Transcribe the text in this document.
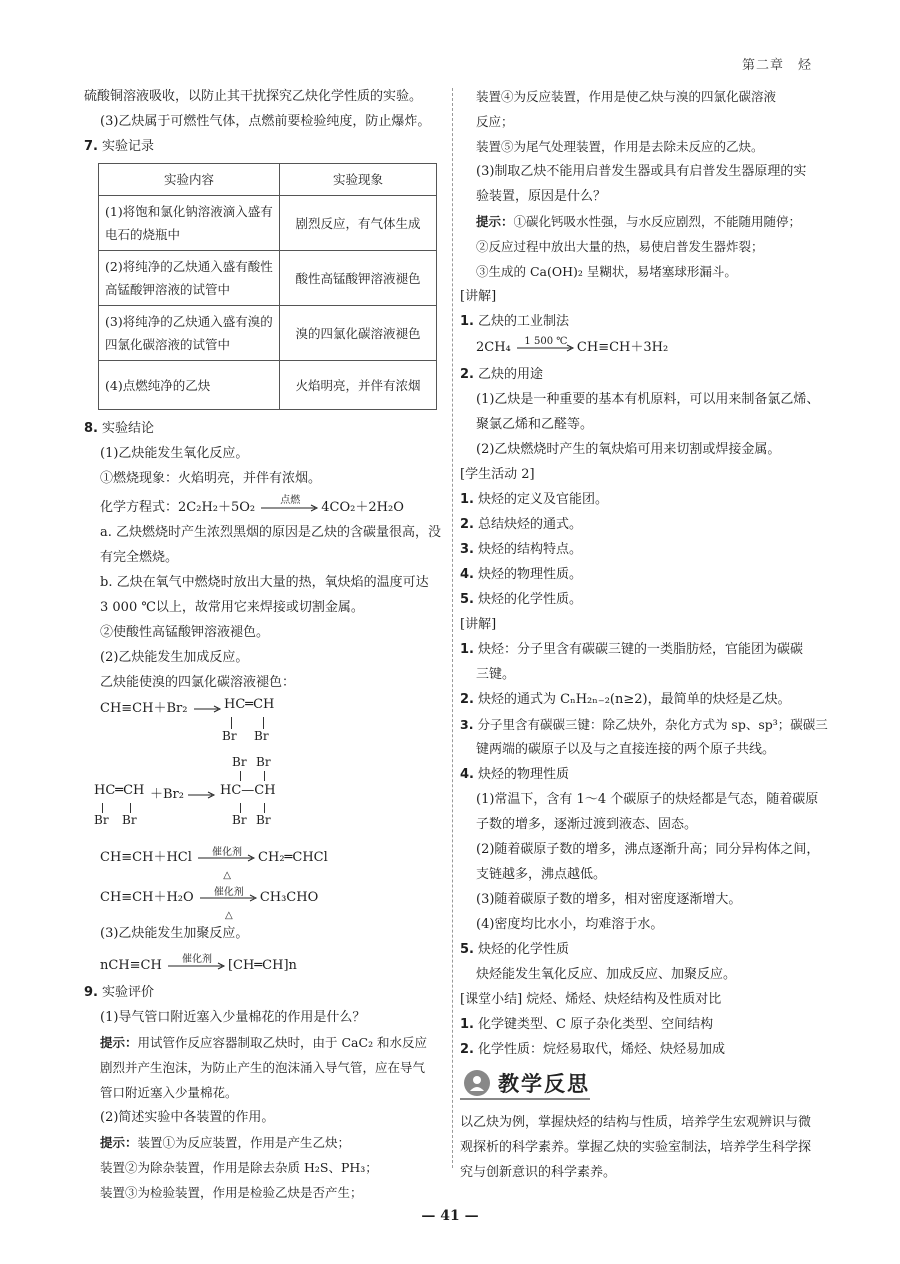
第二章　烃

硫酸铜溶液吸收，以防止其干扰探究乙炔化学性质的实验。

(3)乙炔属于可燃性气体，点燃前要检验纯度，防止爆炸。

7. 实验记录

实验内容	实验现象
(1)将饱和氯化钠溶液滴入盛有电石的烧瓶中	剧烈反应，有气体生成
(2)将纯净的乙炔通入盛有酸性高锰酸钾溶液的试管中	酸性高锰酸钾溶液褪色
(3)将纯净的乙炔通入盛有溴的四氯化碳溶液的试管中	溴的四氯化碳溶液褪色
(4)点燃纯净的乙炔	火焰明亮，并伴有浓烟

8. 实验结论

(1)乙炔能发生氧化反应。

①燃烧现象：火焰明亮，并伴有浓烟。

化学方程式：2C₂H₂＋5O₂	点燃	4CO₂＋2H₂O

a. 乙炔燃烧时产生浓烈黑烟的原因是乙炔的含碳量很高，没

有完全燃烧。

b. 乙炔在氧气中燃烧时放出大量的热，氧炔焰的温度可达

3 000 ℃以上，故常用它来焊接或切割金属。

②使酸性高锰酸钾溶液褪色。

(2)乙炔能发生加成反应。

乙炔能使溴的四氯化碳溶液褪色：

CH≡CH＋Br₂	HC═CH
Br Br
Br Br
HC═CH ＋Br₂	HC—CH
Br Br	Br Br

CH≡CH＋HCl	催化剂
△
CH₂═CHCl

CH≡CH＋H₂O	催化剂
△
CH₃CHO

(3)乙炔能发生加聚反应。

nCH≡CH	催化剂	[CH═CH]n

9. 实验评价

(1)导气管口附近塞入少量棉花的作用是什么？

提示：用试管作反应容器制取乙炔时，由于 CaC₂ 和水反应

剧烈并产生泡沫，为防止产生的泡沫涌入导气管，应在导气

管口附近塞入少量棉花。

(2)简述实验中各装置的作用。

提示：装置①为反应装置，作用是产生乙炔；

装置②为除杂装置，作用是除去杂质 H₂S、PH₃；

装置③为检验装置，作用是检验乙炔是否产生；

装置④为反应装置，作用是使乙炔与溴的四氯化碳溶液

反应；

装置⑤为尾气处理装置，作用是去除未反应的乙炔。

(3)制取乙炔不能用启普发生器或具有启普发生器原理的实

验装置，原因是什么？

提示：①碳化钙吸水性强，与水反应剧烈，不能随用随停；

②反应过程中放出大量的热，易使启普发生器炸裂；

③生成的 Ca(OH)₂ 呈糊状，易堵塞球形漏斗。

[讲解]

1. 乙炔的工业制法

2CH₄	1 500 ℃ CH≡CH＋3H₂

2. 乙炔的用途

(1)乙炔是一种重要的基本有机原料，可以用来制备氯乙烯、

聚氯乙烯和乙醛等。

(2)乙炔燃烧时产生的氧炔焰可用来切割或焊接金属。

[学生活动 2]

1. 炔烃的定义及官能团。

2. 总结炔烃的通式。

3. 炔烃的结构特点。

4. 炔烃的物理性质。

5. 炔烃的化学性质。

[讲解]

1. 炔烃：分子里含有碳碳三键的一类脂肪烃，官能团为碳碳

三键。

2. 炔烃的通式为 CₙH₂ₙ₋₂(n≥2)，最简单的炔烃是乙炔。

3. 分子里含有碳碳三键：除乙炔外，杂化方式为 sp、sp³；碳碳三

键两端的碳原子以及与之直接连接的两个原子共线。

4. 炔烃的物理性质

(1)常温下，含有 1～4 个碳原子的炔烃都是气态，随着碳原

子数的增多，逐渐过渡到液态、固态。

(2)随着碳原子数的增多，沸点逐渐升高；同分异构体之间，

支链越多，沸点越低。

(3)随着碳原子数的增多，相对密度逐渐增大。

(4)密度均比水小，均难溶于水。

5. 炔烃的化学性质

炔烃能发生氧化反应、加成反应、加聚反应。

[课堂小结] 烷烃、烯烃、炔烃结构及性质对比

1. 化学键类型、C 原子杂化类型、空间结构

2. 化学性质：烷烃易取代，烯烃、炔烃易加成

教学反思

以乙炔为例，掌握炔烃的结构与性质，培养学生宏观辨识与微

观探析的科学素养。掌握乙炔的实验室制法，培养学生科学探

究与创新意识的科学素养。

— 41 —
